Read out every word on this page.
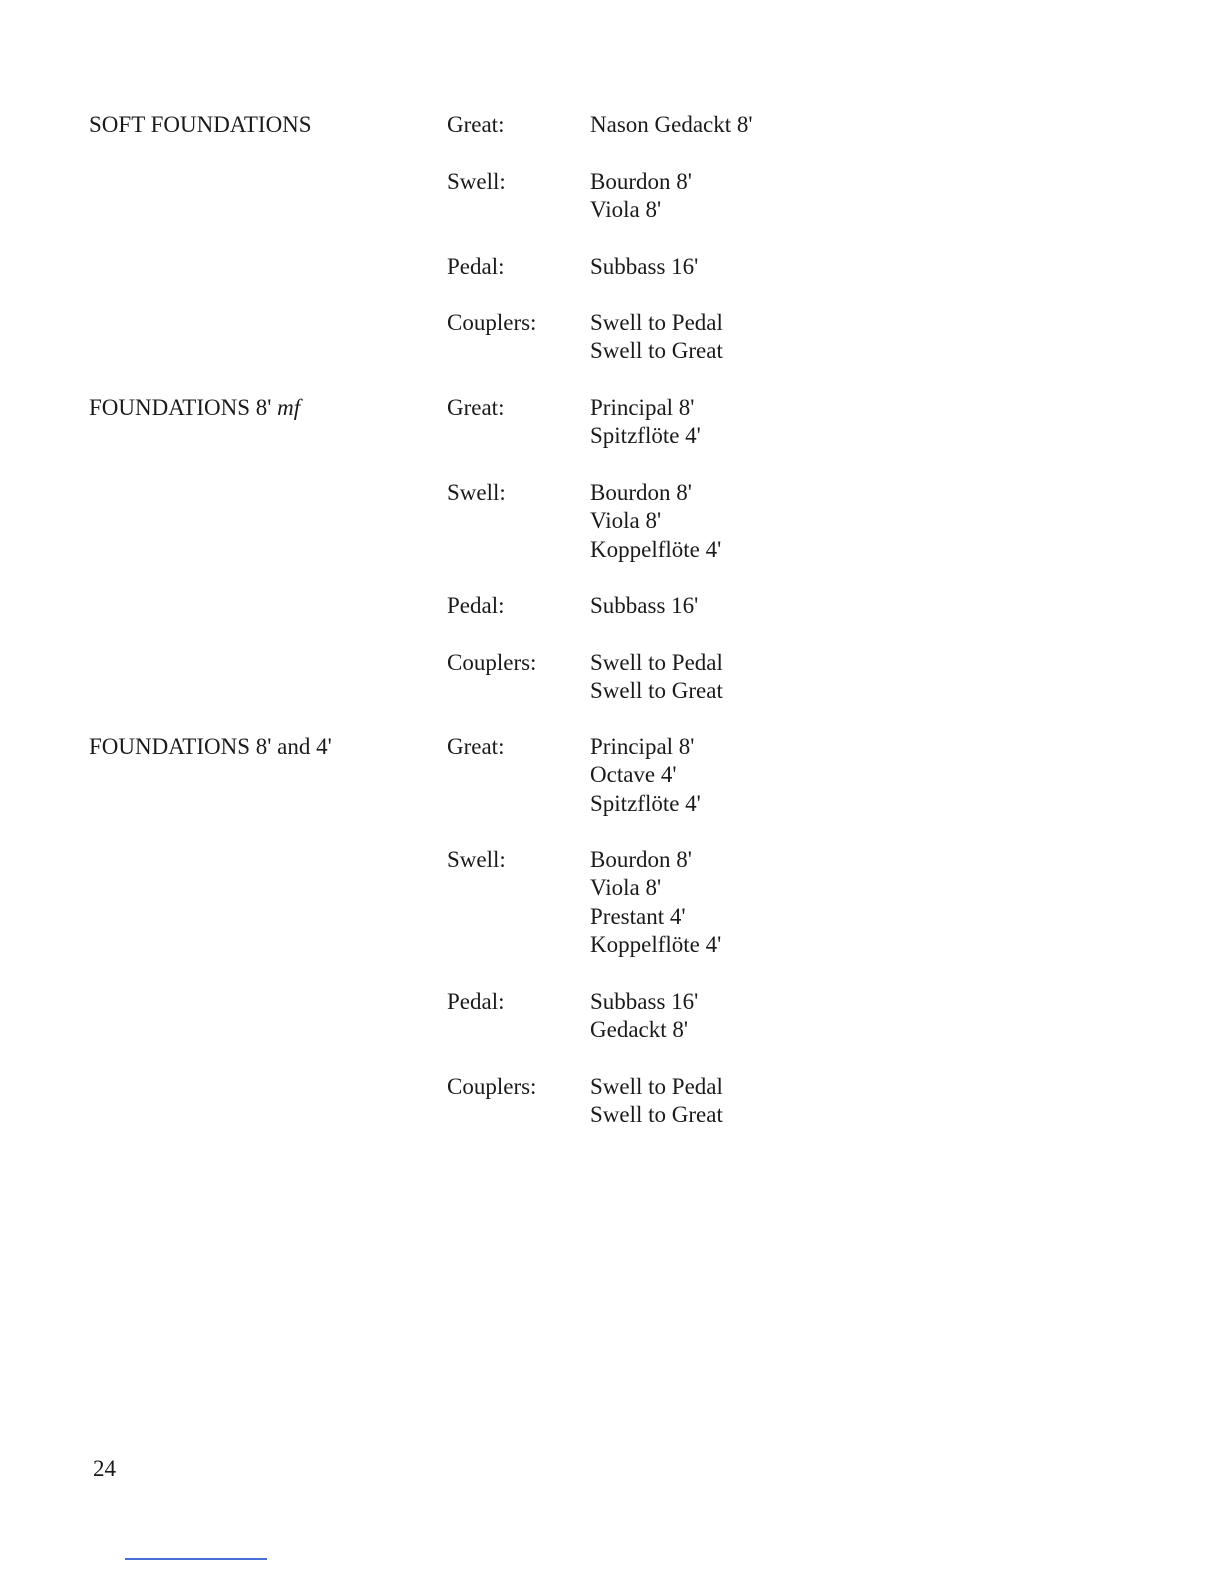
SOFT FOUNDATIONS	Great:	Nason Gedackt 8'
Swell:	Bourdon 8'
Viola 8'
Pedal:	Subbass 16'
Couplers: Swell to Pedal
Swell to Great
FOUNDATIONS 8' mf	Great:	Principal 8'
Spitzflöte 4'
Swell:	Bourdon 8'
Viola 8'
Koppelflöte 4'
Pedal:	Subbass 16'
Couplers: Swell to Pedal
Swell to Great
FOUNDATIONS 8' and 4'	Great:	Principal 8'
Octave 4'
Spitzflöte 4'
Swell:	Bourdon 8'
Viola 8'
Prestant 4'
Koppelflöte 4'
Pedal:	Subbass 16'
Gedackt 8'
Couplers: Swell to Pedal
Swell to Great
24
